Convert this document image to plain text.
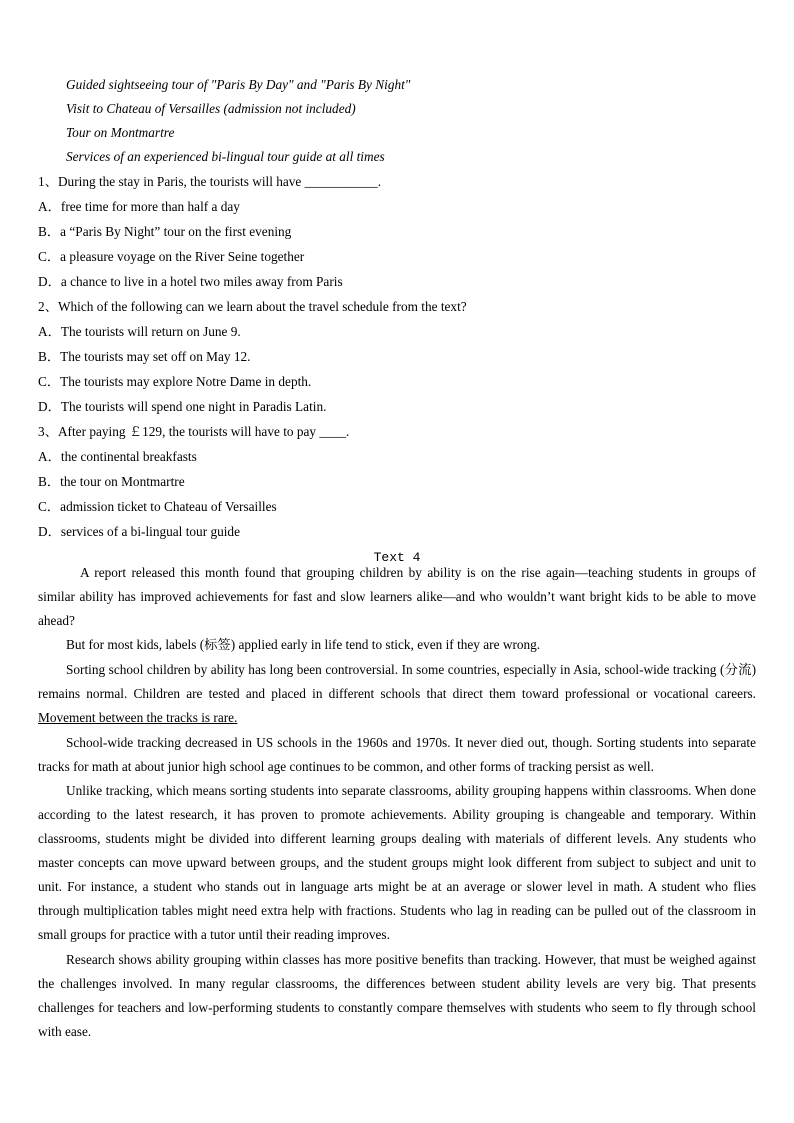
Guided sightseeing tour of "Paris By Day" and "Paris By Night"
Visit to Chateau of Versailles (admission not included)
Tour on Montmartre
Services of an experienced bi-lingual tour guide at all times
1、During the stay in Paris, the tourists will have ___________.
A．free time for more than half a day
B．a “Paris By Night” tour on the first evening
C．a pleasure voyage on the River Seine together
D．a chance to live in a hotel two miles away from Paris
2、Which of the following can we learn about the travel schedule from the text?
A．The tourists will return on June 9.
B．The tourists may set off on May 12.
C．The tourists may explore Notre Dame in depth.
D．The tourists will spend one night in Paradis Latin.
3、After paying ￡129, the tourists will have to pay ____.
A．the continental breakfasts
B．the tour on Montmartre
C．admission ticket to Chateau of Versailles
D．services of a bi-lingual tour guide
Text 4
A report released this month found that grouping children by ability is on the rise again—teaching students in groups of similar ability has improved achievements for fast and slow learners alike—and who wouldn’t want bright kids to be able to move ahead?
But for most kids, labels (标签) applied early in life tend to stick, even if they are wrong.
Sorting school children by ability has long been controversial. In some countries, especially in Asia, school-wide tracking (分流) remains normal. Children are tested and placed in different schools that direct them toward professional or vocational careers. Movement between the tracks is rare.
School-wide tracking decreased in US schools in the 1960s and 1970s. It never died out, though. Sorting students into separate tracks for math at about junior high school age continues to be common, and other forms of tracking persist as well.
Unlike tracking, which means sorting students into separate classrooms, ability grouping happens within classrooms. When done according to the latest research, it has proven to promote achievements. Ability grouping is changeable and temporary. Within classrooms, students might be divided into different learning groups dealing with materials of different levels. Any students who master concepts can move upward between groups, and the student groups might look different from subject to subject and unit to unit. For instance, a student who stands out in language arts might be at an average or slower level in math. A student who flies through multiplication tables might need extra help with fractions. Students who lag in reading can be pulled out of the classroom in small groups for practice with a tutor until their reading improves.
Research shows ability grouping within classes has more positive benefits than tracking. However, that must be weighed against the challenges involved. In many regular classrooms, the differences between student ability levels are very big. That presents challenges for teachers and low-performing students to constantly compare themselves with students who seem to fly through school with ease.
